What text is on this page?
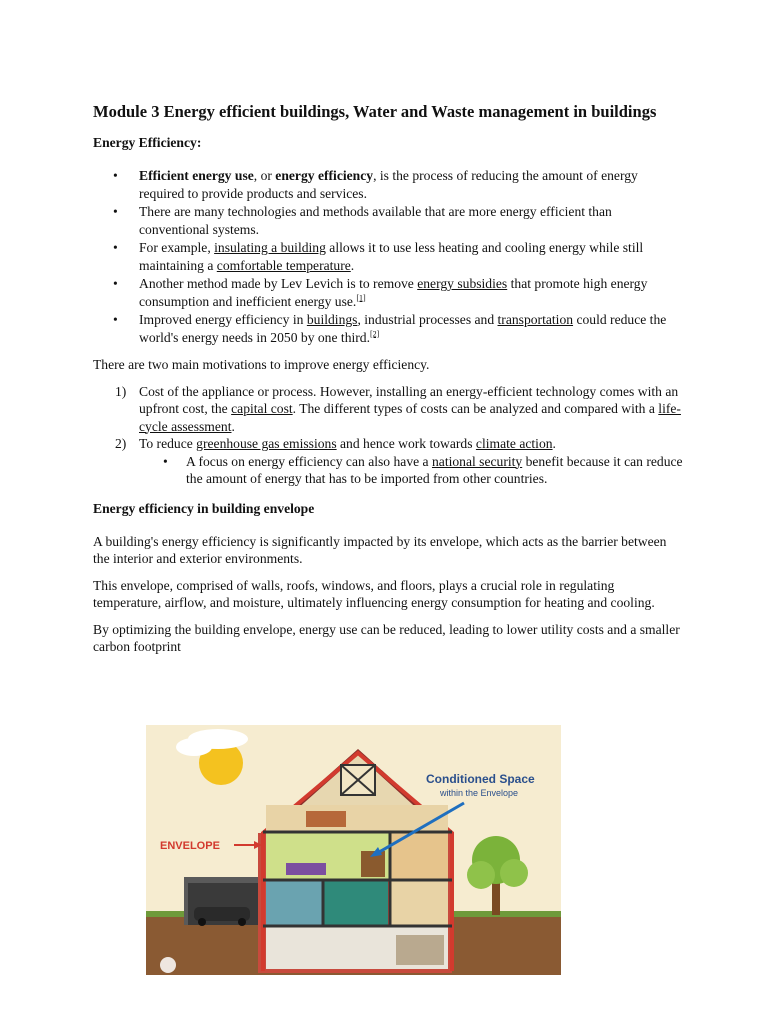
Module 3 Energy efficient buildings, Water and Waste management in buildings
Energy Efficiency:
• Efficient energy use, or energy efficiency, is the process of reducing the amount of energy required to provide products and services.
• There are many technologies and methods available that are more energy efficient than conventional systems.
• For example, insulating a building allows it to use less heating and cooling energy while still maintaining a comfortable temperature.
• Another method made by Lev Levich is to remove energy subsidies that promote high energy consumption and inefficient energy use.[1]
• Improved energy efficiency in buildings, industrial processes and transportation could reduce the world's energy needs in 2050 by one third.[2]

There are two main motivations to improve energy efficiency.

1) Cost of the appliance or process. However, installing an energy-efficient technology comes with an upfront cost, the capital cost. The different types of costs can be analyzed and compared with a life-cycle assessment.
2) To reduce greenhouse gas emissions and hence work towards climate action.
• A focus on energy efficiency can also have a national security benefit because it can reduce the amount of energy that has to be imported from other countries.
Energy efficiency in building envelope

A building's energy efficiency is significantly impacted by its envelope, which acts as the barrier between the interior and exterior environments.

This envelope, comprised of walls, roofs, windows, and floors, plays a crucial role in regulating temperature, airflow, and moisture, ultimately influencing energy consumption for heating and cooling.

By optimizing the building envelope, energy use can be reduced, leading to lower utility costs and a smaller carbon footprint

ENVELOPE
Conditioned Space
within the Envelope
